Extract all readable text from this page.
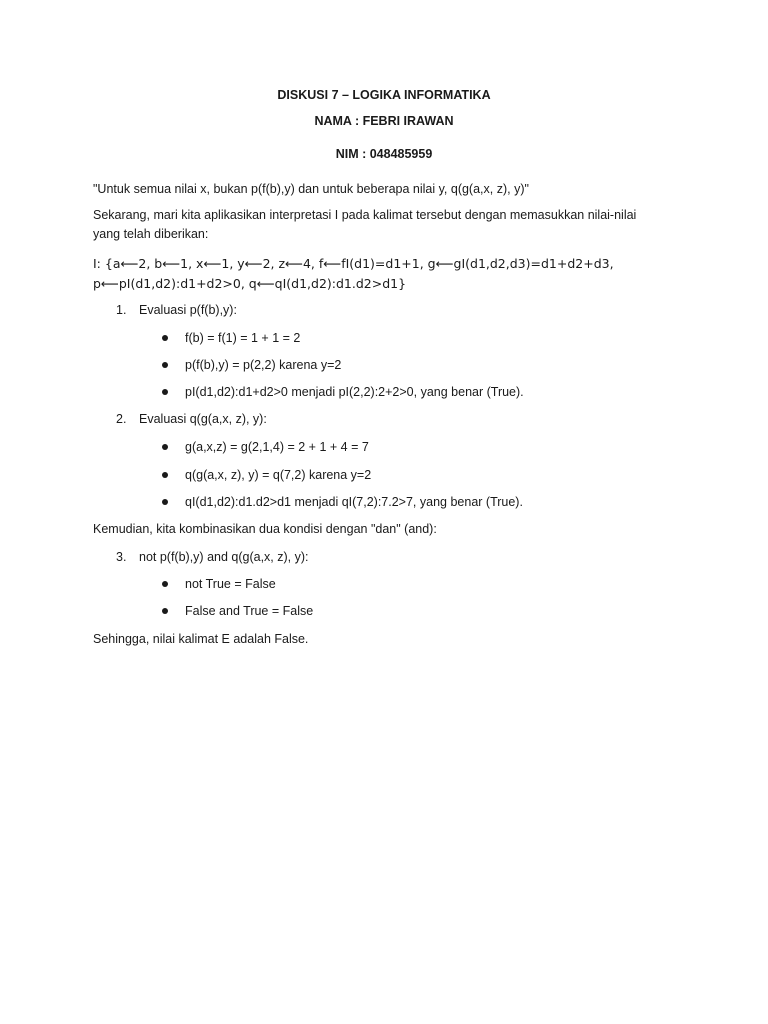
DISKUSI 7 – LOGIKA INFORMATIKA
NAMA : FEBRI IRAWAN
NIM : 048485959
"Untuk semua nilai x, bukan p(f(b),y) dan untuk beberapa nilai y, q(g(a,x, z), y)"
Sekarang, mari kita aplikasikan interpretasi I pada kalimat tersebut dengan memasukkan nilai-nilai
yang telah diberikan:
I: {a⟵2, b⟵1, x⟵1, y⟵2, z⟵4, f⟵fI(d1)=d1+1, g⟵gI(d1,d2,d3)=d1+d2+d3,
p⟵pI(d1,d2):d1+d2>0, q⟵qI(d1,d2):d1.d2>d1}
1. Evaluasi p(f(b),y):
f(b) = f(1) = 1 + 1 = 2
p(f(b),y) = p(2,2) karena y=2
pI(d1,d2):d1+d2>0 menjadi pI(2,2):2+2>0, yang benar (True).
2. Evaluasi q(g(a,x, z), y):
g(a,x,z) = g(2,1,4) = 2 + 1 + 4 = 7
q(g(a,x, z), y) = q(7,2) karena y=2
qI(d1,d2):d1.d2>d1 menjadi qI(7,2):7.2>7, yang benar (True).
Kemudian, kita kombinasikan dua kondisi dengan "dan" (and):
3. not p(f(b),y) and q(g(a,x, z), y):
not True = False
False and True = False
Sehingga, nilai kalimat E adalah False.
